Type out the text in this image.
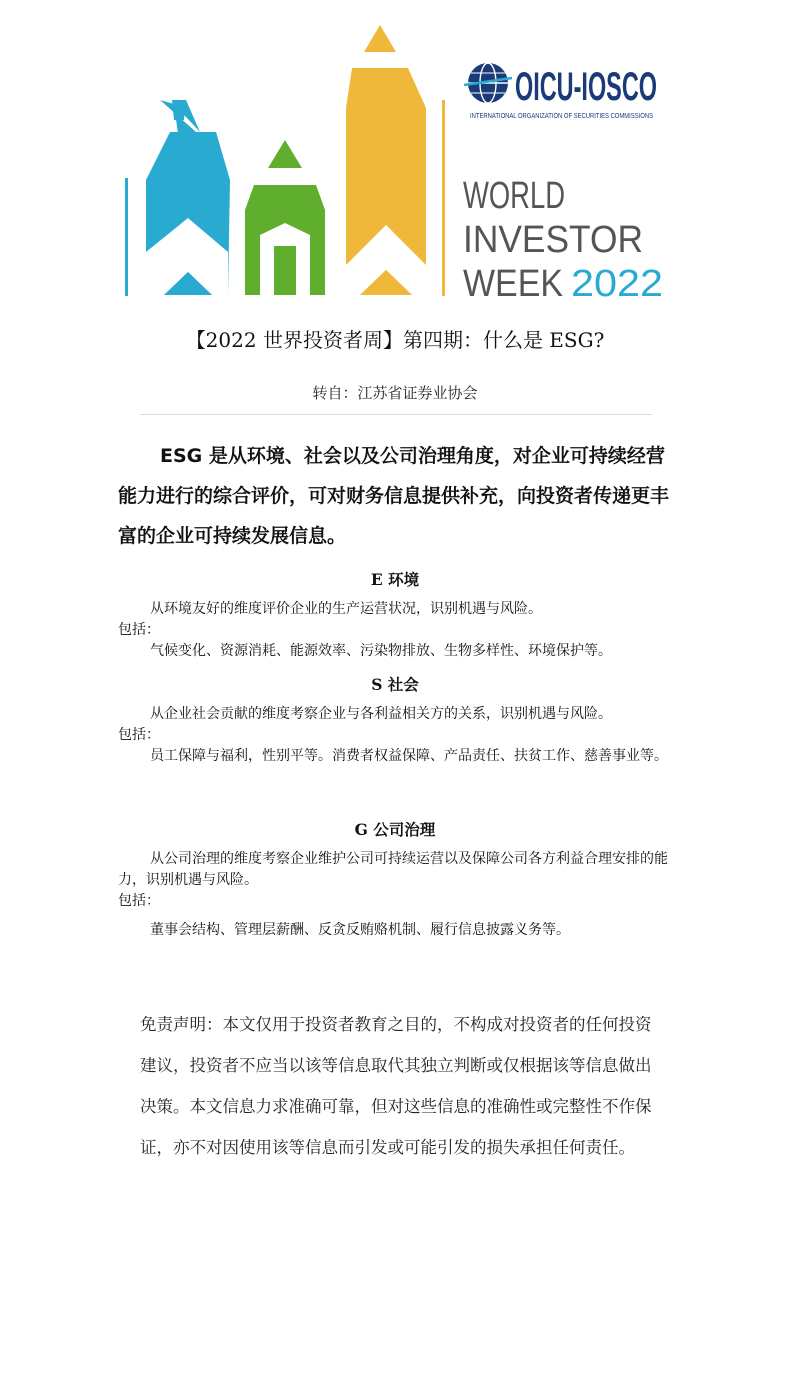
OICU-IOSCO
INTERNATIONAL ORGANIZATION OF SECURITIES COMMISSIONS
WORLD
INVESTOR
WEEK 2022
【2022 世界投资者周】第四期：什么是 ESG?
转自：江苏省证券业协会

ESG 是从环境、社会以及公司治理角度，对企业可持续经营能力进行的综合评价，可对财务信息提供补充，向投资者传递更丰富的企业可持续发展信息。

E 环境
从环境友好的维度评价企业的生产运营状况，识别机遇与风险。
包括：
气候变化、资源消耗、能源效率、污染物排放、生物多样性、环境保护等。
S 社会
从企业社会贡献的维度考察企业与各利益相关方的关系，识别机遇与风险。
包括：
员工保障与福利，性别平等。消费者权益保障、产品责任、扶贫工作、慈善事业等。
G 公司治理
从公司治理的维度考察企业维护公司可持续运营以及保障公司各方利益合理安排的能力，识别机遇与风险。
包括：
董事会结构、管理层薪酬、反贪反贿赂机制、履行信息披露义务等。
免责声明：本文仅用于投资者教育之目的，不构成对投资者的任何投资建议，投资者不应当以该等信息取代其独立判断或仅根据该等信息做出决策。本文信息力求准确可靠，但对这些信息的准确性或完整性不作保证，亦不对因使用该等信息而引发或可能引发的损失承担任何责任。
